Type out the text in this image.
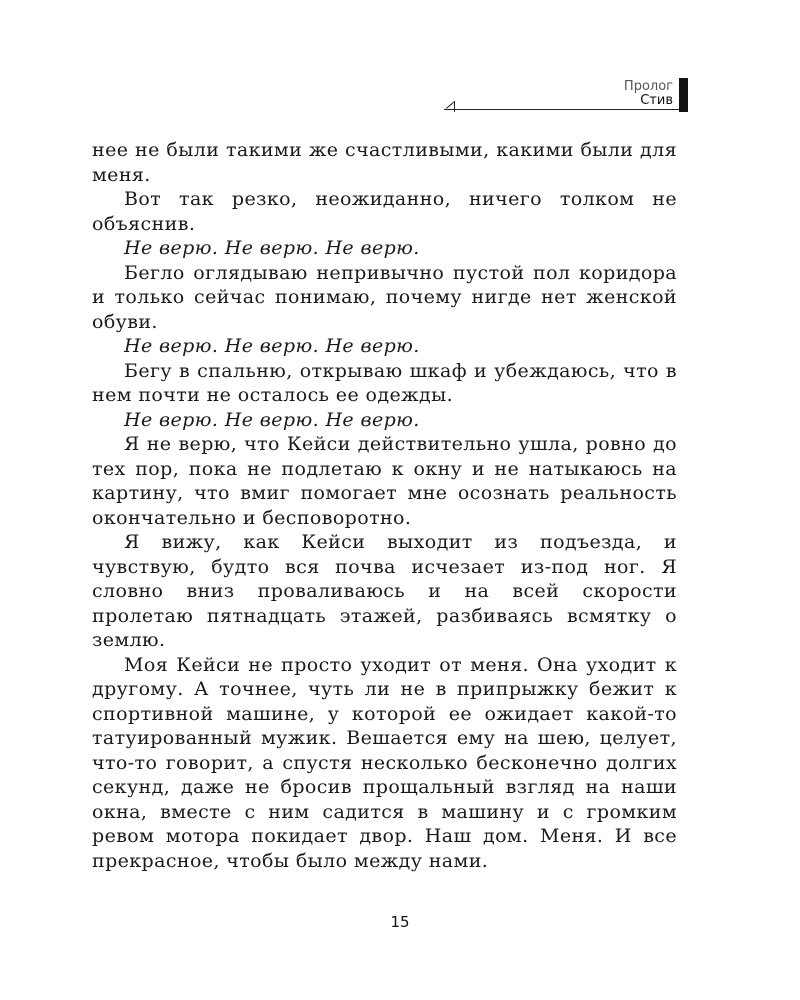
Пролог
Стив

нее не были такими же счастливыми, какими были для меня.

Вот так резко, неожиданно, ничего толком не объяснив.

Не верю. Не верю. Не верю.

Бегло оглядываю непривычно пустой пол коридора и только сейчас понимаю, почему нигде нет женской обуви.

Не верю. Не верю. Не верю.

Бегу в спальню, открываю шкаф и убеждаюсь, что в нем почти не осталось ее одежды.

Не верю. Не верю. Не верю.

Я не верю, что Кейси действительно ушла, ровно до тех пор, пока не подлетаю к окну и не натыкаюсь на картину, что вмиг помогает мне осознать реальность окончательно и бесповоротно.

Я вижу, как Кейси выходит из подъезда, и чувствую, будто вся почва исчезает из-под ног. Я словно вниз проваливаюсь и на всей скорости пролетаю пятнадцать этажей, разбиваясь всмятку о землю.

Моя Кейси не просто уходит от меня. Она уходит к другому. А точнее, чуть ли не в припрыжку бежит к спортивной машине, у которой ее ожидает какой-то татуированный мужик. Вешается ему на шею, целует, что-то говорит, а спустя несколько бесконечно долгих секунд, даже не бросив прощальный взгляд на наши окна, вместе с ним садится в машину и с громким ревом мотора покидает двор. Наш дом. Меня. И все прекрасное, чтобы было между нами.

15
